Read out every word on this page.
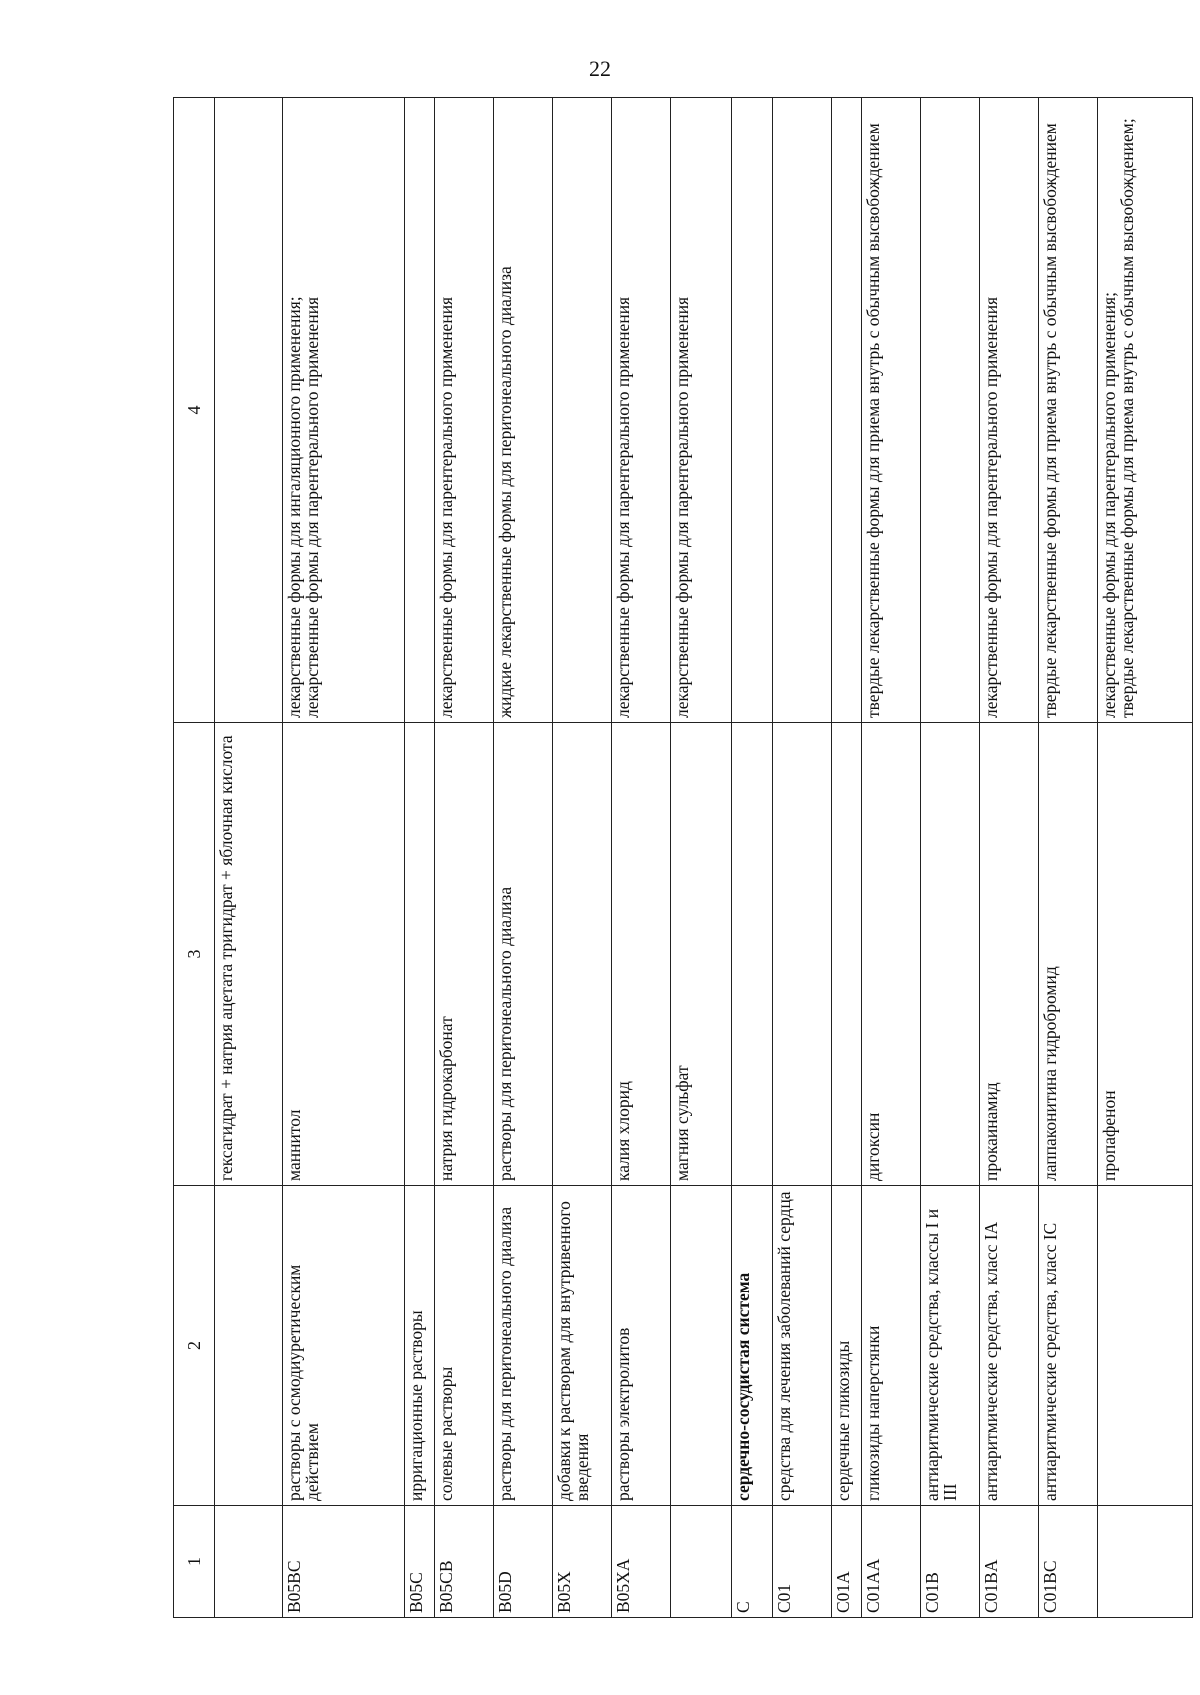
22
1	2	3	4
		гексагидрат + натрия ацетата тригидрат + яблочная кислота	
B05BC	растворы с осмодиуретическим действием	маннитол	лекарственные формы для ингаляционного применения;
лекарственные формы для парентерального применения
B05C	ирригационные растворы		
B05CB	солевые растворы	натрия гидрокарбонат	лекарственные формы для парентерального применения
B05D	растворы для перитонеального диализа	растворы для перитонеального диализа	жидкие лекарственные формы для перитонеального диализа
B05X	добавки к растворам для внутривенного введения		
B05XA	растворы электролитов	калия хлорид	лекарственные формы для парентерального применения
		магния сульфат	лекарственные формы для парентерального применения
C	сердечно-сосудистая система		
C01	средства для лечения заболеваний сердца		
C01A	сердечные гликозиды		
C01AA	гликозиды наперстянки	дигоксин	твердые лекарственные формы для приема внутрь с обычным высвобождением
C01B	антиаритмические средства, классы I и III		
C01BA	антиаритмические средства, класс IA	прокаинамид	лекарственные формы для парентерального применения
C01BC	антиаритмические средства, класс IC	лаппаконитина гидробромид	твердые лекарственные формы для приема внутрь с обычным высвобождением
		пропафенон	лекарственные формы для парентерального применения;
твердые лекарственные формы для приема внутрь с обычным высвобождением;
